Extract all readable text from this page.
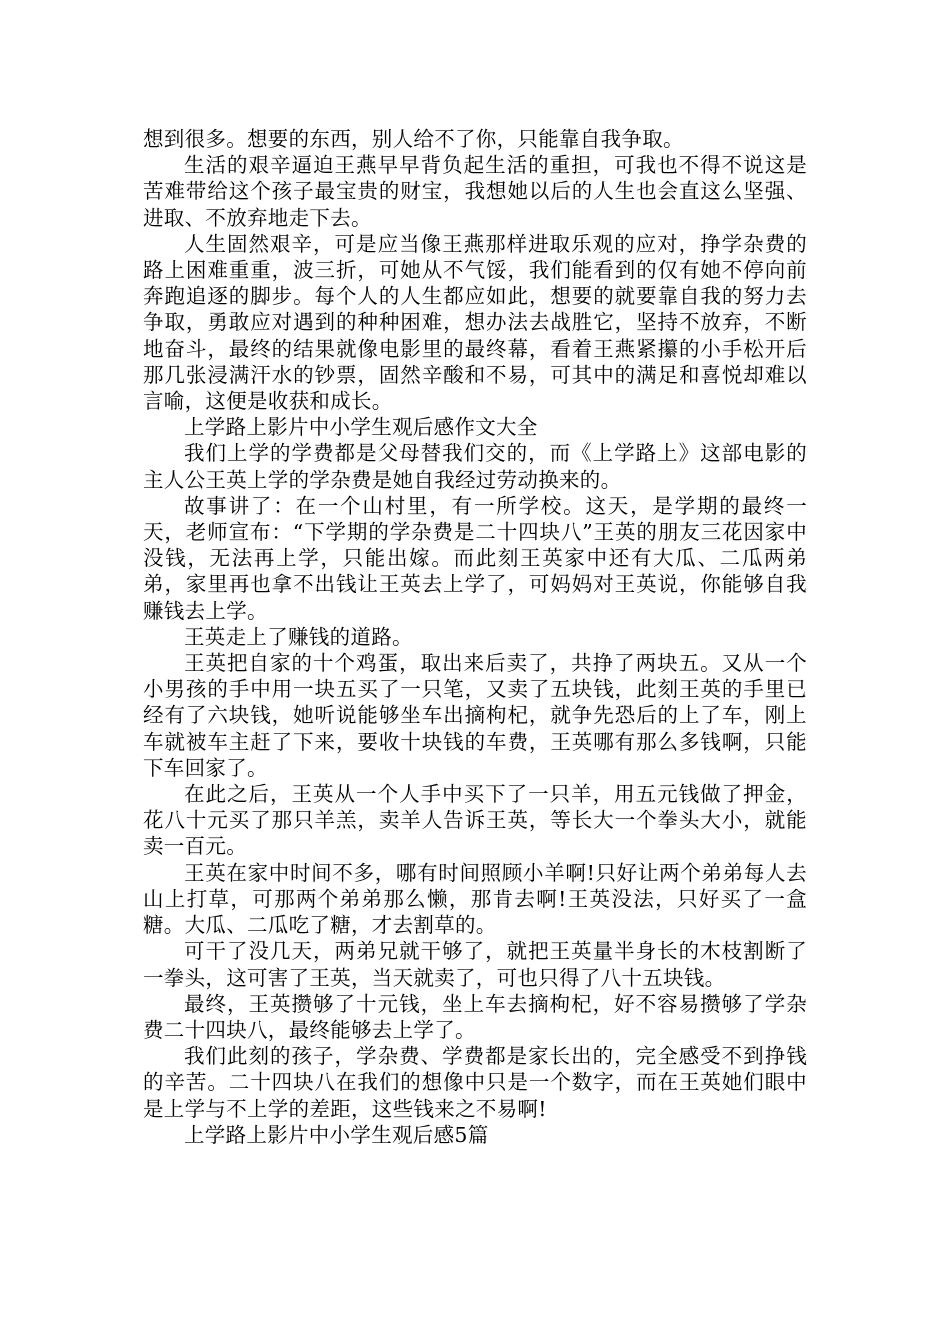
想到很多。想要的东西，别人给不了你，只能靠自我争取。

生活的艰辛逼迫王燕早早背负起生活的重担，可我也不得不说这是苦难带给这个孩子最宝贵的财宝，我想她以后的人生也会直这么坚强、进取、不放弃地走下去。

人生固然艰辛，可是应当像王燕那样进取乐观的应对，挣学杂费的路上困难重重，波三折，可她从不气馁，我们能看到的仅有她不停向前奔跑追逐的脚步。每个人的人生都应如此，想要的就要靠自我的努力去争取，勇敢应对遇到的种种困难，想办法去战胜它，坚持不放弃，不断地奋斗，最终的结果就像电影里的最终幕，看着王燕紧攥的小手松开后那几张浸满汗水的钞票，固然辛酸和不易，可其中的满足和喜悦却难以言喻，这便是收获和成长。

上学路上影片中小学生观后感作文大全

我们上学的学费都是父母替我们交的，而《上学路上》这部电影的主人公王英上学的学杂费是她自我经过劳动换来的。

故事讲了：在一个山村里，有一所学校。这天，是学期的最终一天，老师宣布：“下学期的学杂费是二十四块八”王英的朋友三花因家中没钱，无法再上学，只能出嫁。而此刻王英家中还有大瓜、二瓜两弟弟，家里再也拿不出钱让王英去上学了，可妈妈对王英说，你能够自我赚钱去上学。

王英走上了赚钱的道路。

王英把自家的十个鸡蛋，取出来后卖了，共挣了两块五。又从一个小男孩的手中用一块五买了一只笔，又卖了五块钱，此刻王英的手里已经有了六块钱，她听说能够坐车出摘枸杞，就争先恐后的上了车，刚上车就被车主赶了下来，要收十块钱的车费，王英哪有那么多钱啊，只能下车回家了。

在此之后，王英从一个人手中买下了一只羊，用五元钱做了押金，花八十元买了那只羊羔，卖羊人告诉王英，等长大一个拳头大小，就能卖一百元。

王英在家中时间不多，哪有时间照顾小羊啊!只好让两个弟弟每人去山上打草，可那两个弟弟那么懒，那肯去啊!王英没法，只好买了一盒糖。大瓜、二瓜吃了糖，才去割草的。

可干了没几天，两弟兄就干够了，就把王英量半身长的木枝割断了一拳头，这可害了王英，当天就卖了，可也只得了八十五块钱。

最终，王英攒够了十元钱，坐上车去摘枸杞，好不容易攒够了学杂费二十四块八，最终能够去上学了。

我们此刻的孩子，学杂费、学费都是家长出的，完全感受不到挣钱的辛苦。二十四块八在我们的想像中只是一个数字，而在王英她们眼中是上学与不上学的差距，这些钱来之不易啊!

上学路上影片中小学生观后感5篇
